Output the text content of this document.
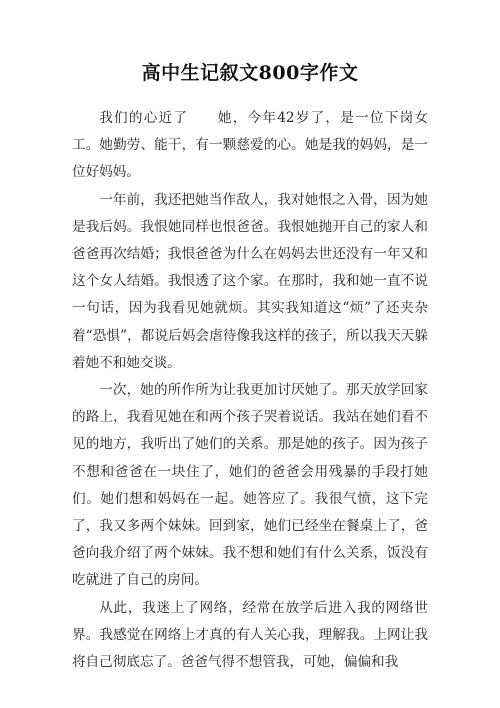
高中生记叙文800字作文

我们的心近了　　她，今年42岁了，是一位下岗女工。她勤劳、能干，有一颗慈爱的心。她是我的妈妈，是一位好妈妈。

一年前，我还把她当作敌人，我对她恨之入骨，因为她是我后妈。我恨她同样也恨爸爸。我恨她抛开自己的家人和爸爸再次结婚；我恨爸爸为什么在妈妈去世还没有一年又和这个女人结婚。我恨透了这个家。在那时，我和她一直不说一句话，因为我看见她就烦。其实我知道这“烦”了还夹杂着“恐惧”，都说后妈会虐待像我这样的孩子，所以我天天躲着她不和她交谈。

一次，她的所作所为让我更加讨厌她了。那天放学回家的路上，我看见她在和两个孩子哭着说话。我站在她们看不见的地方，我听出了她们的关系。那是她的孩子。因为孩子不想和爸爸在一块住了，她们的爸爸会用残暴的手段打她们。她们想和妈妈在一起。她答应了。我很气愤，这下完了，我又多两个妹妹。回到家，她们已经坐在餐桌上了，爸爸向我介绍了两个妹妹。我不想和她们有什么关系，饭没有吃就进了自己的房间。

从此，我迷上了网络，经常在放学后进入我的网络世界。我感觉在网络上才真的有人关心我，理解我。上网让我将自己彻底忘了。爸爸气得不想管我，可她，偏偏和我
